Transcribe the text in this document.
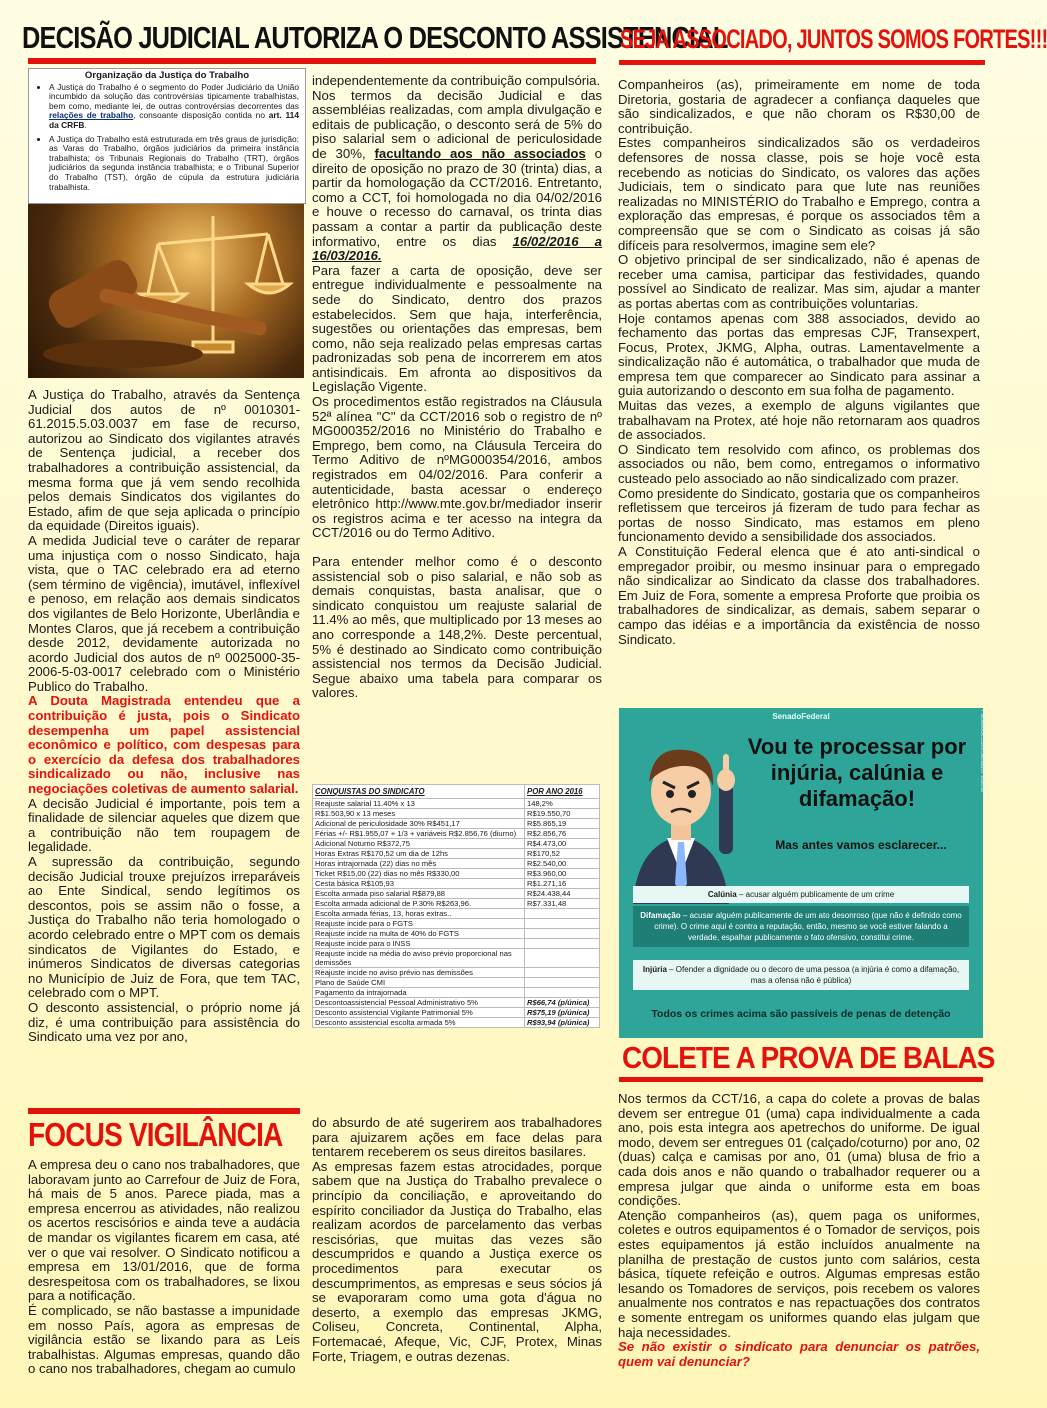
DECISÃO JUDICIAL AUTORIZA O DESCONTO ASSISTENCIAL
SEJA ASSOCIADO, JUNTOS SOMOS FORTES!!!
Organização da Justiça do Trabalho
• A Justiça do Trabalho é o segmento do Poder Judiciário da União incumbido da solução das controvérsias tipicamente trabalhistas, bem como, mediante lei, de outras controvérsias decorrentes das relações de trabalho, consoante disposição contida no art. 114 da CRFB.
• A Justiça do Trabalho está estruturada em três graus de jurisdição: as Varas do Trabalho, órgãos judiciários da primeira instância trabalhista; os Tribunais Regionais do Trabalho (TRT), órgãos judiciários da segunda instância trabalhista; e o Tribunal Superior do Trabalho (TST), órgão de cúpula da estrutura judiciária trabalhista.

A Justiça do Trabalho, através da Sentença Judicial dos autos de nº 0010301-61.2015.5.03.0037 em fase de recurso, autorizou ao Sindicato dos vigilantes através de Sentença judicial, a receber dos trabalhadores a contribuição assistencial, da mesma forma que já vem sendo recolhida pelos demais Sindicatos dos vigilantes do Estado, afim de que seja aplicada o princípio da equidade (Direitos iguais).

A medida Judicial teve o caráter de reparar uma injustiça com o nosso Sindicato, haja vista, que o TAC celebrado era ad eterno (sem término de vigência), imutável, inflexível e penoso, em relação aos demais sindicatos dos vigilantes de Belo Horizonte, Uberlândia e Montes Claros, que já recebem a contribuição desde 2012, devidamente autorizada no acordo Judicial dos autos de nº 0025000-35-2006-5-03-0017 celebrado com o Ministério Publico do Trabalho.

A Douta Magistrada entendeu que a contribuição é justa, pois o Sindicato desempenha um papel assistencial econômico e político, com despesas para o exercício da defesa dos trabalhadores sindicalizado ou não, inclusive nas negociações coletivas de aumento salarial.

A decisão Judicial é importante, pois tem a finalidade de silenciar aqueles que dizem que a contribuição não tem roupagem de legalidade.

A supressão da contribuição, segundo decisão Judicial trouxe prejuízos irreparáveis ao Ente Sindical, sendo legítimos os descontos, pois se assim não o fosse, a Justiça do Trabalho não teria homologado o acordo celebrado entre o MPT com os demais sindicatos de Vigilantes do Estado, e inúmeros Sindicatos de diversas categorias no Município de Juiz de Fora, que tem TAC, celebrado com o MPT.

O desconto assistencial, o próprio nome já diz, é uma contribuição para assistência do Sindicato uma vez por ano,

independentemente da contribuição compulsória.

Nos termos da decisão Judicial e das assembléias realizadas, com ampla divulgação e editais de publicação, o desconto será de 5% do piso salarial sem o adicional de periculosidade de 30%, facultando aos não associados o direito de oposição no prazo de 30 (trinta) dias, a partir da homologação da CCT/2016. Entretanto, como a CCT, foi homologada no dia 04/02/2016 e houve o recesso do carnaval, os trinta dias passam a contar a partir da publicação deste informativo, entre os dias 16/02/2016 a 16/03/2016.

Para fazer a carta de oposição, deve ser entregue individualmente e pessoalmente na sede do Sindicato, dentro dos prazos estabelecidos. Sem que haja, interferência, sugestões ou orientações das empresas, bem como, não seja realizado pelas empresas cartas padronizadas sob pena de incorrerem em atos antisindicais. Em afronta ao dispositivos da Legislação Vigente.

Os procedimentos estão registrados na Cláusula 52ª alínea "C" da CCT/2016 sob o registro de nº MG000352/2016 no Ministério do Trabalho e Emprego, bem como, na Cláusula Terceira do Termo Aditivo de nºMG000354/2016, ambos registrados em 04/02/2016. Para conferir a autenticidade, basta acessar o endereço eletrônico http://www.mte.gov.br/mediador inserir os registros acima e ter acesso na integra da CCT/2016 ou do Termo Aditivo.

Para entender melhor como é o desconto assistencial sob o piso salarial, e não sob as demais conquistas, basta analisar, que o sindicato conquistou um reajuste salarial de 11.4% ao mês, que multiplicado por 13 meses ao ano corresponde a 148,2%. Deste percentual, 5% é destinado ao Sindicato como contribuição assistencial nos termos da Decisão Judicial. Segue abaixo uma tabela para comparar os valores.

CONQUISTAS DO SINDICATO	POR ANO 2016
Reajuste salarial 11.40% x 13	148,2%
R$1.503,90 x 13 meses	R$19.550,70
Adicional de periculosidade 30% R$451,17	R$5.865,19
Férias +/- R$1.955,07 + 1/3 + variáveis R$2.856,76 (diurno)	R$2.856,76
Adicional Noturno R$372,75	R$4.473,00
Horas Extras R$170,52 um dia de 12hs	R$170,52
Horas intrajornada (22) dias no mês	R$2.540,00
Ticket R$15,00 (22) dias no mês R$330,00	R$3.960,00
Cesta básica R$105,93	R$1.271,16
Escolta armada piso salarial R$879,88	R$24.438,44
Escolta armada adicional de P.30% R$263,96.	R$7.331,48
Escolta armada férias, 13, horas extras..	
Reajuste incide para o FGTS	
Reajuste incide na multa de 40% do FGTS	
Reajuste incide para o INSS	
Reajuste incide na média do aviso prévio proporcional nas demissões	
Reajuste incide no aviso prévio nas demissões	
Plano de Saúde CMI	
Pagamento da intrajornada	
Descontoassistencial Pessoal Administrativo 5%	R$66,74 (p/única)
Desconto assistencial Vigilante Patrimonial 5%	R$75,19 (p/única)
Desconto assistencial escolta armada 5%	R$93,94 (p/única)

Companheiros (as), primeiramente em nome de toda Diretoria, gostaria de agradecer a confiança daqueles que são sindicalizados, e que não choram os R$30,00 de contribuição.

Estes companheiros sindicalizados são os verdadeiros defensores de nossa classe, pois se hoje você esta recebendo as noticias do Sindicato, os valores das ações Judiciais, tem o sindicato para que lute nas reuniões realizadas no MINISTÉRIO do Trabalho e Emprego, contra a exploração das empresas, é porque os associados têm a compreensão que se com o Sindicato as coisas já são difíceis para resolvermos, imagine sem ele?

O objetivo principal de ser sindicalizado, não é apenas de receber uma camisa, participar das festividades, quando possível ao Sindicato de realizar. Mas sim, ajudar a manter as portas abertas com as contribuições voluntarias.

Hoje contamos apenas com 388 associados, devido ao fechamento das portas das empresas CJF, Transexpert, Focus, Protex, JKMG, Alpha, outras. Lamentavelmente a sindicalização não é automática, o trabalhador que muda de empresa tem que comparecer ao Sindicato para assinar a guia autorizando o desconto em sua folha de pagamento.

Muitas das vezes, a exemplo de alguns vigilantes que trabalhavam na Protex, até hoje não retornaram aos quadros de associados.

O Sindicato tem resolvido com afinco, os problemas dos associados ou não, bem como, entregamos o informativo custeado pelo associado ao não sindicalizado com prazer.

Como presidente do Sindicato, gostaria que os companheiros refletissem que terceiros já fizeram de tudo para fechar as portas de nosso Sindicato, mas estamos em pleno funcionamento devido a sensibilidade dos associados.

A Constituição Federal elenca que é ato anti-sindical o empregador proibir, ou mesmo insinuar para o empregado não sindicalizar ao Sindicato da classe dos trabalhadores. Em Juiz de Fora, somente a empresa Proforte que proibia os trabalhadores de sindicalizar, as demais, sabem separar o campo das idéias e a importância da existência de nosso Sindicato.

SenadoFederal	Facebook.com/SenadoFederal
Vou te processar por injúria, calúnia e difamação!
Mas antes vamos esclarecer...
Calúnia – acusar alguém publicamente de um crime
Difamação – acusar alguém publicamente de um ato desonroso (que não é definido como crime). O crime aqui é contra a reputação, então, mesmo se você estiver falando a verdade, espalhar publicamente o fato ofensivo, constitui crime.
Injúria – Ofender a dignidade ou o decoro de uma pessoa (a injúria é como a difamação, mas a ofensa não é pública)
Todos os crimes acima são passíveis de penas de detenção
COLETE A PROVA DE BALAS

Nos termos da CCT/16, a capa do colete a provas de balas devem ser entregue 01 (uma) capa individualmente a cada ano, pois esta integra aos apetrechos do uniforme. De igual modo, devem ser entregues 01 (calçado/coturno) por ano, 02 (duas) calça e camisas por ano, 01 (uma) blusa de frio a cada dois anos e não quando o trabalhador requerer ou a empresa julgar que ainda o uniforme esta em boas condições.

Atenção companheiros (as), quem paga os uniformes, coletes e outros equipamentos é o Tomador de serviços, pois estes equipamentos já estão incluídos anualmente na planilha de prestação de custos junto com salários, cesta básica, tíquete refeição e outros. Algumas empresas estão lesando os Tomadores de serviços, pois recebem os valores anualmente nos contratos e nas repactuações dos contratos e somente entregam os uniformes quando elas julgam que haja necessidades.

Se não existir o sindicato para denunciar os patrões, quem vai denunciar?

FOCUS VIGILÂNCIA

A empresa deu o cano nos trabalhadores, que laboravam junto ao Carrefour de Juiz de Fora, há mais de 5 anos. Parece piada, mas a empresa encerrou as atividades, não realizou os acertos rescisórios e ainda teve a audácia de mandar os vigilantes ficarem em casa, até ver o que vai resolver. O Sindicato notificou a empresa em 13/01/2016, que de forma desrespeitosa com os trabalhadores, se lixou para a notificação.

É complicado, se não bastasse a impunidade em nosso País, agora as empresas de vigilância estão se lixando para as Leis trabalhistas. Algumas empresas, quando dão o cano nos trabalhadores, chegam ao cumulo

do absurdo de até sugerirem aos trabalhadores para ajuizarem ações em face delas para tentarem receberem os seus direitos basilares.

As empresas fazem estas atrocidades, porque sabem que na Justiça do Trabalho prevalece o princípio da conciliação, e aproveitando do espírito conciliador da Justiça do Trabalho, elas realizam acordos de parcelamento das verbas rescisórias, que muitas das vezes são descumpridos e quando a Justiça exerce os procedimentos para executar os descumprimentos, as empresas e seus sócios já se evaporaram como uma gota d'água no deserto, a exemplo das empresas JKMG, Coliseu, Concreta, Continental, Alpha, Fortemacaé, Afeque, Vic, CJF, Protex, Minas Forte, Triagem, e outras dezenas.
